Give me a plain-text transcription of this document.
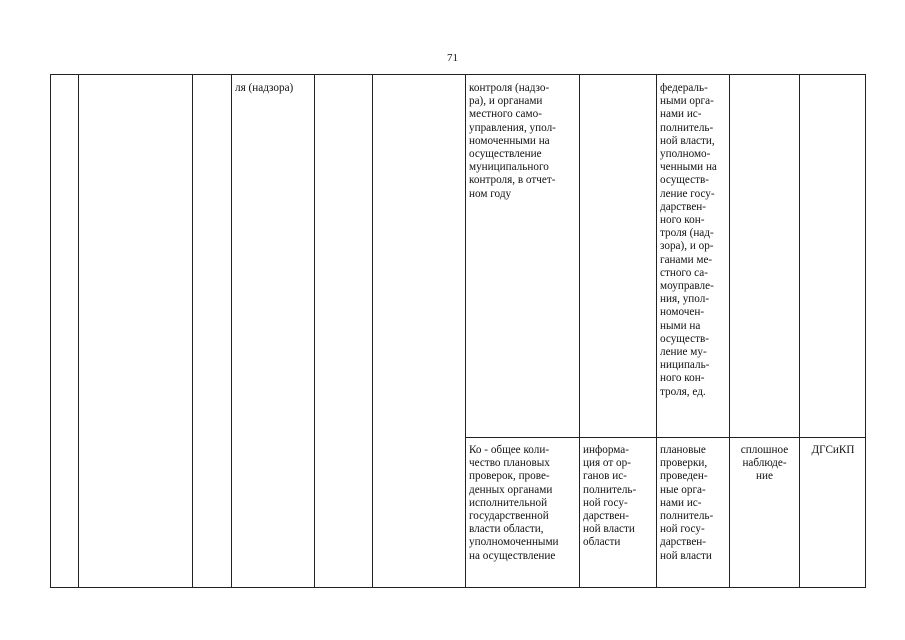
71
ля (надзора)	контроля (надзо-
ра), и органами
местного само-
управления, упол-
номоченными на
осуществление
муниципального
контроля, в отчет-
ном году
федераль-
ными орга-
нами ис-
полнитель-
ной власти,
уполномо-
ченными на
осуществ-
ление госу-
дарствен-
ного кон-
троля (над-
зора), и ор-
ганами ме-
стного са-
моуправле-
ния, упол-
номочен-
ными на
осуществ-
ление му-
ниципаль-
ного кон-
троля, ед.
Ко - общее коли-
чество плановых
проверок, прове-
денных органами
исполнительной
государственной
власти области,
уполномоченными
на осуществление
информа-
ция от ор-
ганов ис-
полнитель-
ной госу-
дарствен-
ной власти
области
плановые
проверки,
проведен-
ные орга-
нами ис-
полнитель-
ной госу-
дарствен-
ной власти
сплошное
наблюде-
ние
ДГСиКП
